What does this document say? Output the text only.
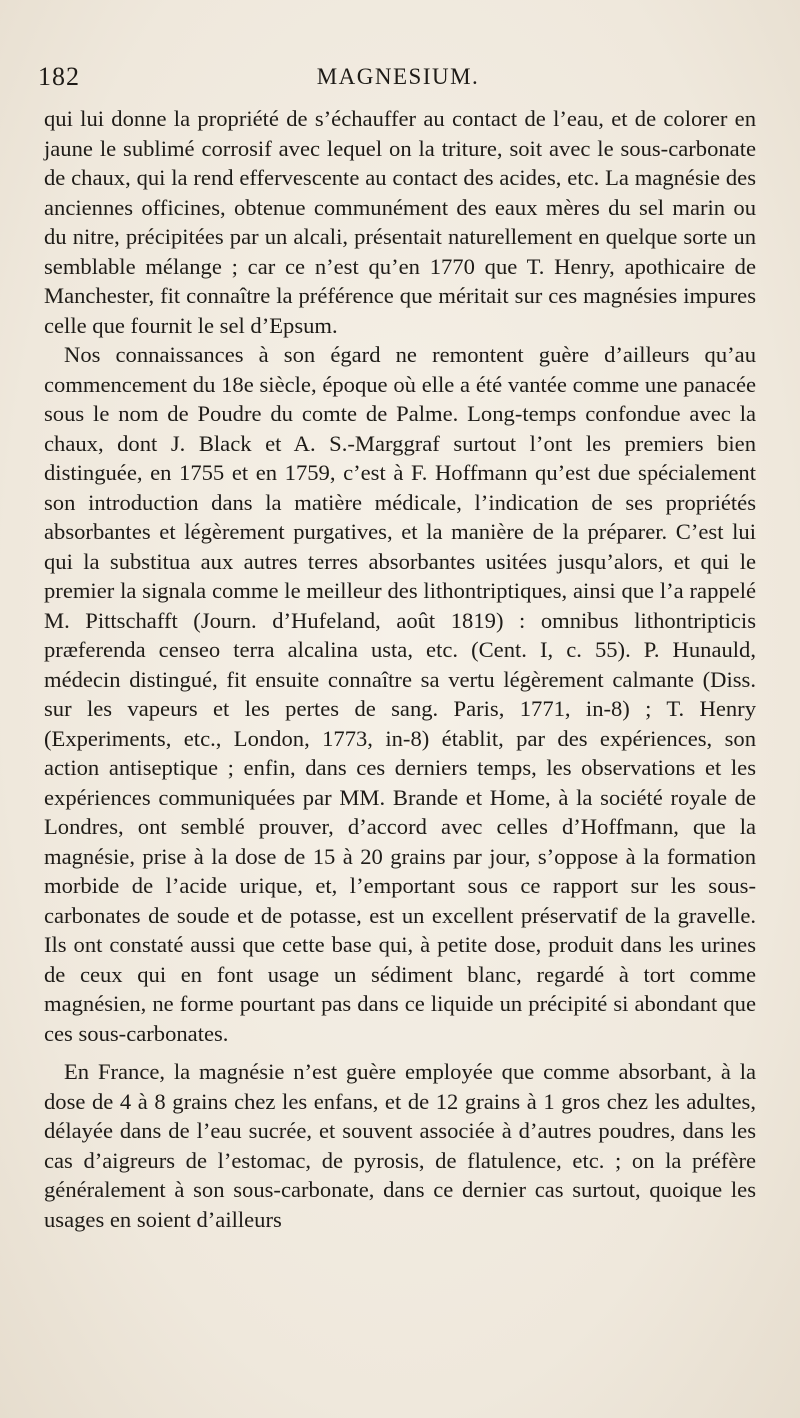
182	MAGNESIUM.

qui lui donne la propriété de s’échauffer au contact de l’eau, et de colorer en jaune le sublimé corrosif avec lequel on la triture, soit avec le sous-carbonate de chaux, qui la rend effervescente au contact des acides, etc. La magnésie des anciennes officines, obtenue communément des eaux mères du sel marin ou du nitre, précipitées par un alcali, présentait naturellement en quelque sorte un semblable mélange ; car ce n’est qu’en 1770 que T. Henry, apothicaire de Manchester, fit connaître la préférence que méritait sur ces magnésies impures celle que fournit le sel d’Epsum.

Nos connaissances à son égard ne remontent guère d’ailleurs qu’au commencement du 18e siècle, époque où elle a été vantée comme une panacée sous le nom de Poudre du comte de Palme. Long-temps confondue avec la chaux, dont J. Black et A. S.-Marggraf surtout l’ont les premiers bien distinguée, en 1755 et en 1759, c’est à F. Hoffmann qu’est due spécialement son introduction dans la matière médicale, l’indication de ses propriétés absorbantes et légèrement purgatives, et la manière de la préparer. C’est lui qui la substitua aux autres terres absorbantes usitées jusqu’alors, et qui le premier la signala comme le meilleur des lithontriptiques, ainsi que l’a rappelé M. Pittschafft (Journ. d’Hufeland, août 1819) : omnibus lithontripticis præferenda censeo terra alcalina usta, etc. (Cent. I, c. 55). P. Hunauld, médecin distingué, fit ensuite connaître sa vertu légèrement calmante (Diss. sur les vapeurs et les pertes de sang. Paris, 1771, in-8) ; T. Henry (Experiments, etc., London, 1773, in-8) établit, par des expériences, son action antiseptique ; enfin, dans ces derniers temps, les observations et les expériences communiquées par MM. Brande et Home, à la société royale de Londres, ont semblé prouver, d’accord avec celles d’Hoffmann, que la magnésie, prise à la dose de 15 à 20 grains par jour, s’oppose à la formation morbide de l’acide urique, et, l’emportant sous ce rapport sur les sous-carbonates de soude et de potasse, est un excellent préservatif de la gravelle. Ils ont constaté aussi que cette base qui, à petite dose, produit dans les urines de ceux qui en font usage un sédiment blanc, regardé à tort comme magnésien, ne forme pourtant pas dans ce liquide un précipité si abondant que ces sous-carbonates.

En France, la magnésie n’est guère employée que comme absorbant, à la dose de 4 à 8 grains chez les enfans, et de 12 grains à 1 gros chez les adultes, délayée dans de l’eau sucrée, et souvent associée à d’autres poudres, dans les cas d’aigreurs de l’estomac, de pyrosis, de flatulence, etc. ; on la préfère généralement à son sous-carbonate, dans ce dernier cas surtout, quoique les usages en soient d’ailleurs
